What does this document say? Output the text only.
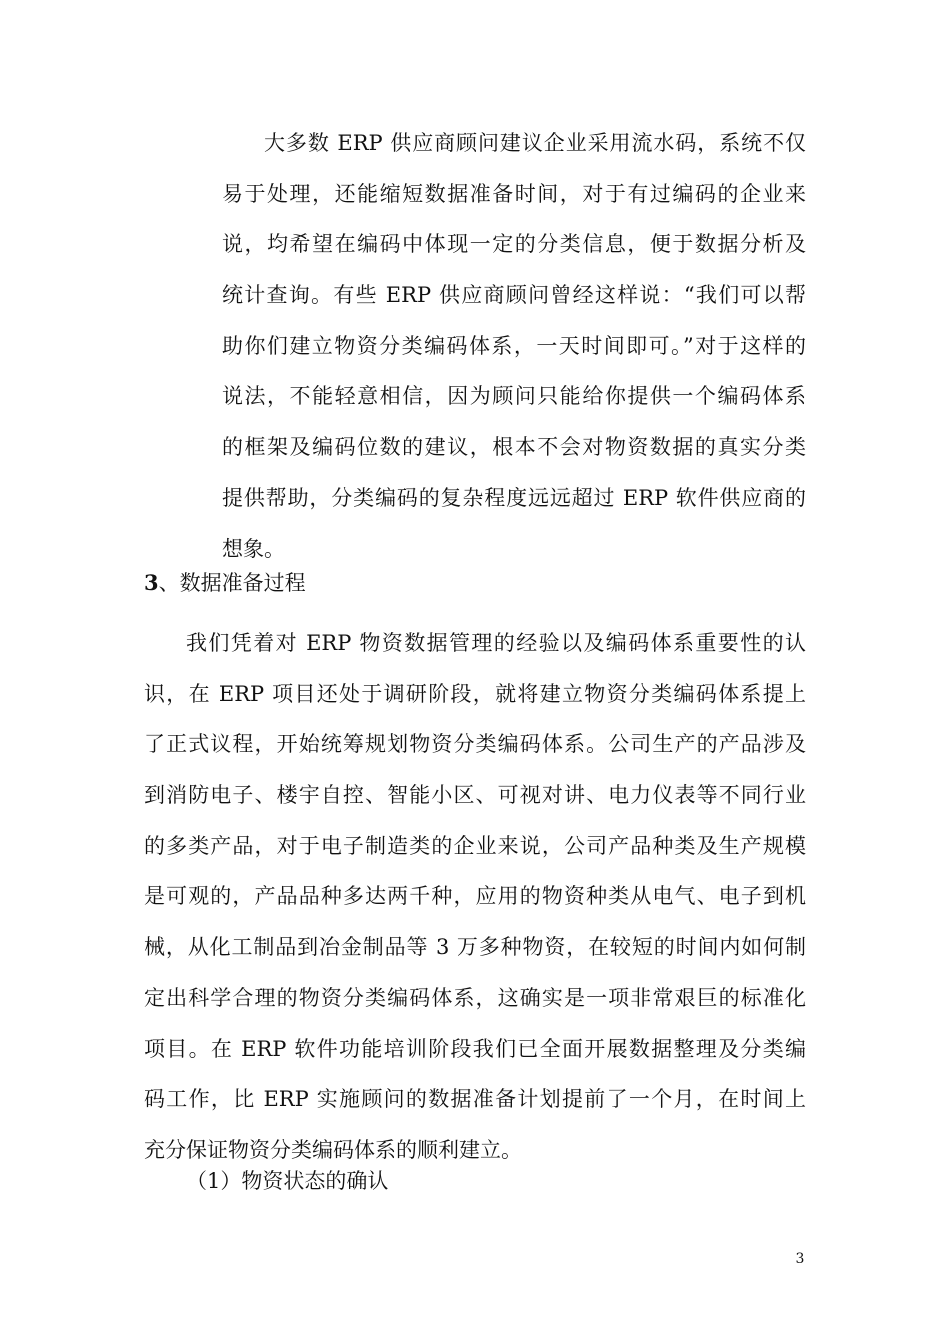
大多数 ERP 供应商顾问建议企业采用流水码，系统不仅
易于处理，还能缩短数据准备时间，对于有过编码的企业来
说，均希望在编码中体现一定的分类信息，便于数据分析及
统计查询。有些 ERP 供应商顾问曾经这样说：“我们可以帮
助你们建立物资分类编码体系，一天时间即可。”对于这样的
说法，不能轻意相信，因为顾问只能给你提供一个编码体系
的框架及编码位数的建议，根本不会对物资数据的真实分类
提供帮助，分类编码的复杂程度远远超过 ERP 软件供应商的
想象。
3、数据准备过程
我们凭着对 ERP 物资数据管理的经验以及编码体系重要性的认
识，在 ERP 项目还处于调研阶段，就将建立物资分类编码体系提上
了正式议程，开始统筹规划物资分类编码体系。公司生产的产品涉及
到消防电子、楼宇自控、智能小区、可视对讲、电力仪表等不同行业
的多类产品，对于电子制造类的企业来说，公司产品种类及生产规模
是可观的，产品品种多达两千种，应用的物资种类从电气、电子到机
械，从化工制品到冶金制品等 3 万多种物资，在较短的时间内如何制
定出科学合理的物资分类编码体系，这确实是一项非常艰巨的标准化
项目。在 ERP 软件功能培训阶段我们已全面开展数据整理及分类编
码工作，比 ERP 实施顾问的数据准备计划提前了一个月，在时间上
充分保证物资分类编码体系的顺利建立。
（1）物资状态的确认
3
